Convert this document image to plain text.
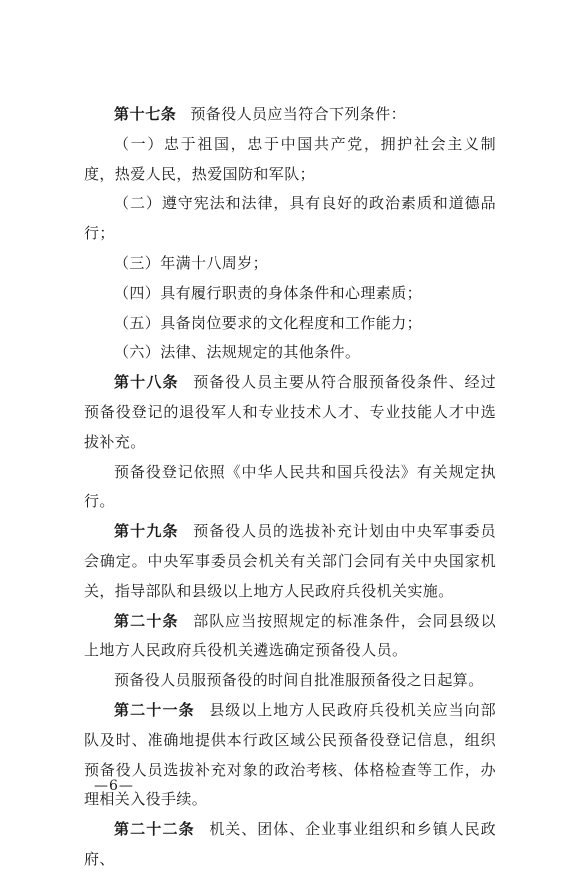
第十七条 预备役人员应当符合下列条件：

（一）忠于祖国，忠于中国共产党，拥护社会主义制度，热爱人民，热爱国防和军队；

（二）遵守宪法和法律，具有良好的政治素质和道德品行；

（三）年满十八周岁；

（四）具有履行职责的身体条件和心理素质；

（五）具备岗位要求的文化程度和工作能力；

（六）法律、法规规定的其他条件。

第十八条 预备役人员主要从符合服预备役条件、经过预备役登记的退役军人和专业技术人才、专业技能人才中选拔补充。

预备役登记依照《中华人民共和国兵役法》有关规定执行。

第十九条 预备役人员的选拔补充计划由中央军事委员会确定。中央军事委员会机关有关部门会同有关中央国家机关，指导部队和县级以上地方人民政府兵役机关实施。

第二十条 部队应当按照规定的标准条件，会同县级以上地方人民政府兵役机关遴选确定预备役人员。

预备役人员服预备役的时间自批准服预备役之日起算。

第二十一条 县级以上地方人民政府兵役机关应当向部队及时、准确地提供本行政区域公民预备役登记信息，组织预备役人员选拔补充对象的政治考核、体格检查等工作，办理相关入役手续。

第二十二条 机关、团体、企业事业组织和乡镇人民政府、

—6—
